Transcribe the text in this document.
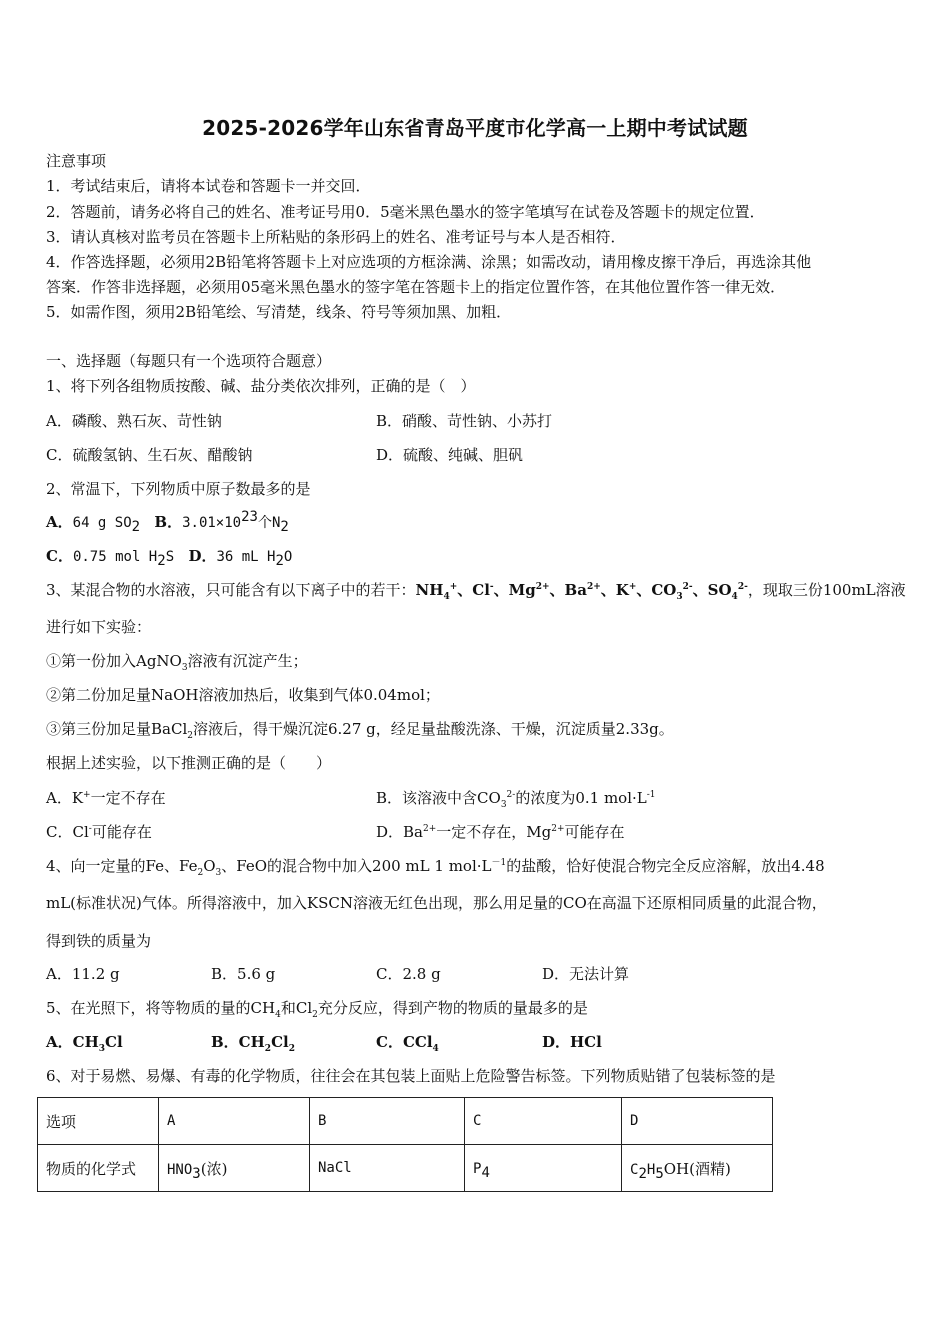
2025-2026学年山东省青岛平度市化学高一上期中考试试题
注意事项
1．考试结束后，请将本试卷和答题卡一并交回．
2．答题前，请务必将自己的姓名、准考证号用0．5毫米黑色墨水的签字笔填写在试卷及答题卡的规定位置．
3．请认真核对监考员在答题卡上所粘贴的条形码上的姓名、准考证号与本人是否相符．
4．作答选择题，必须用2B铅笔将答题卡上对应选项的方框涂满、涂黑；如需改动，请用橡皮擦干净后，再选涂其他
答案．作答非选择题，必须用05毫米黑色墨水的签字笔在答题卡上的指定位置作答，在其他位置作答一律无效．
5．如需作图，须用2B铅笔绘、写清楚，线条、符号等须加黑、加粗．
一、选择题（每题只有一个选项符合题意）
1、将下列各组物质按酸、碱、盐分类依次排列，正确的是（　）
A．磷酸、熟石灰、苛性钠	B．硝酸、苛性钠、小苏打
C．硫酸氢钠、生石灰、醋酸钠	D．硫酸、纯碱、胆矾
2、常温下，下列物质中原子数最多的是
A．64 g $SO_2$ B．$3.01\times 10^{23}$个$N_2$
C．0.75 mol $H_2S$ D．36 mL $H_2O$
3、某混合物的水溶液，只可能含有以下离子中的若干：$NH_4^+$、Cl-、$Mg^{2+}$、$Ba^{2+}$、K+、$CO_3^{2-}$、$SO_4^{2-}$，现取三份100mL溶液
进行如下实验：
①第一份加入AgNO$_3$溶液有沉淀产生；
②第二份加足量NaOH溶液加热后，收集到气体0.04mol；
③第三份加足量BaCl$_2$溶液后，得干燥沉淀6.27 g，经足量盐酸洗涤、干燥，沉淀质量2.33g。
根据上述实验，以下推测正确的是（　　）
A．K+一定不存在	B．该溶液中含$CO_3^{2-}$的浓度为0.1 $mol\cdot L^{-1}$
C．Cl-可能存在	D．$Ba^{2+}$一定不存在，$Mg^{2+}$可能存在
4、向一定量的Fe、$Fe_2O_3$、FeO的混合物中加入200 mL 1 $mol\cdot L^{-1}$的盐酸，恰好使混合物完全反应溶解，放出4.48
mL(标准状况)气体。所得溶液中，加入KSCN溶液无红色出现，那么用足量的CO在高温下还原相同质量的此混合物，
得到铁的质量为
A．11.2 g	B．5.6 g	C．2.8 g	D．无法计算
5、在光照下，将等物质的量的$CH_4$和$Cl_2$充分反应，得到产物的物质的量最多的是
A．$CH_3Cl$	B．$CH_2Cl_2$	C．CCl$_4$	D．HCl
6、对于易燃、易爆、有毒的化学物质，往往会在其包装上面贴上危险警告标签。下列物质贴错了包装标签的是
选项	A	B	C	D
物质的化学式	$HNO_3$(浓)	NaCl	$P_4$	$C_2H_5OH$(酒精)
